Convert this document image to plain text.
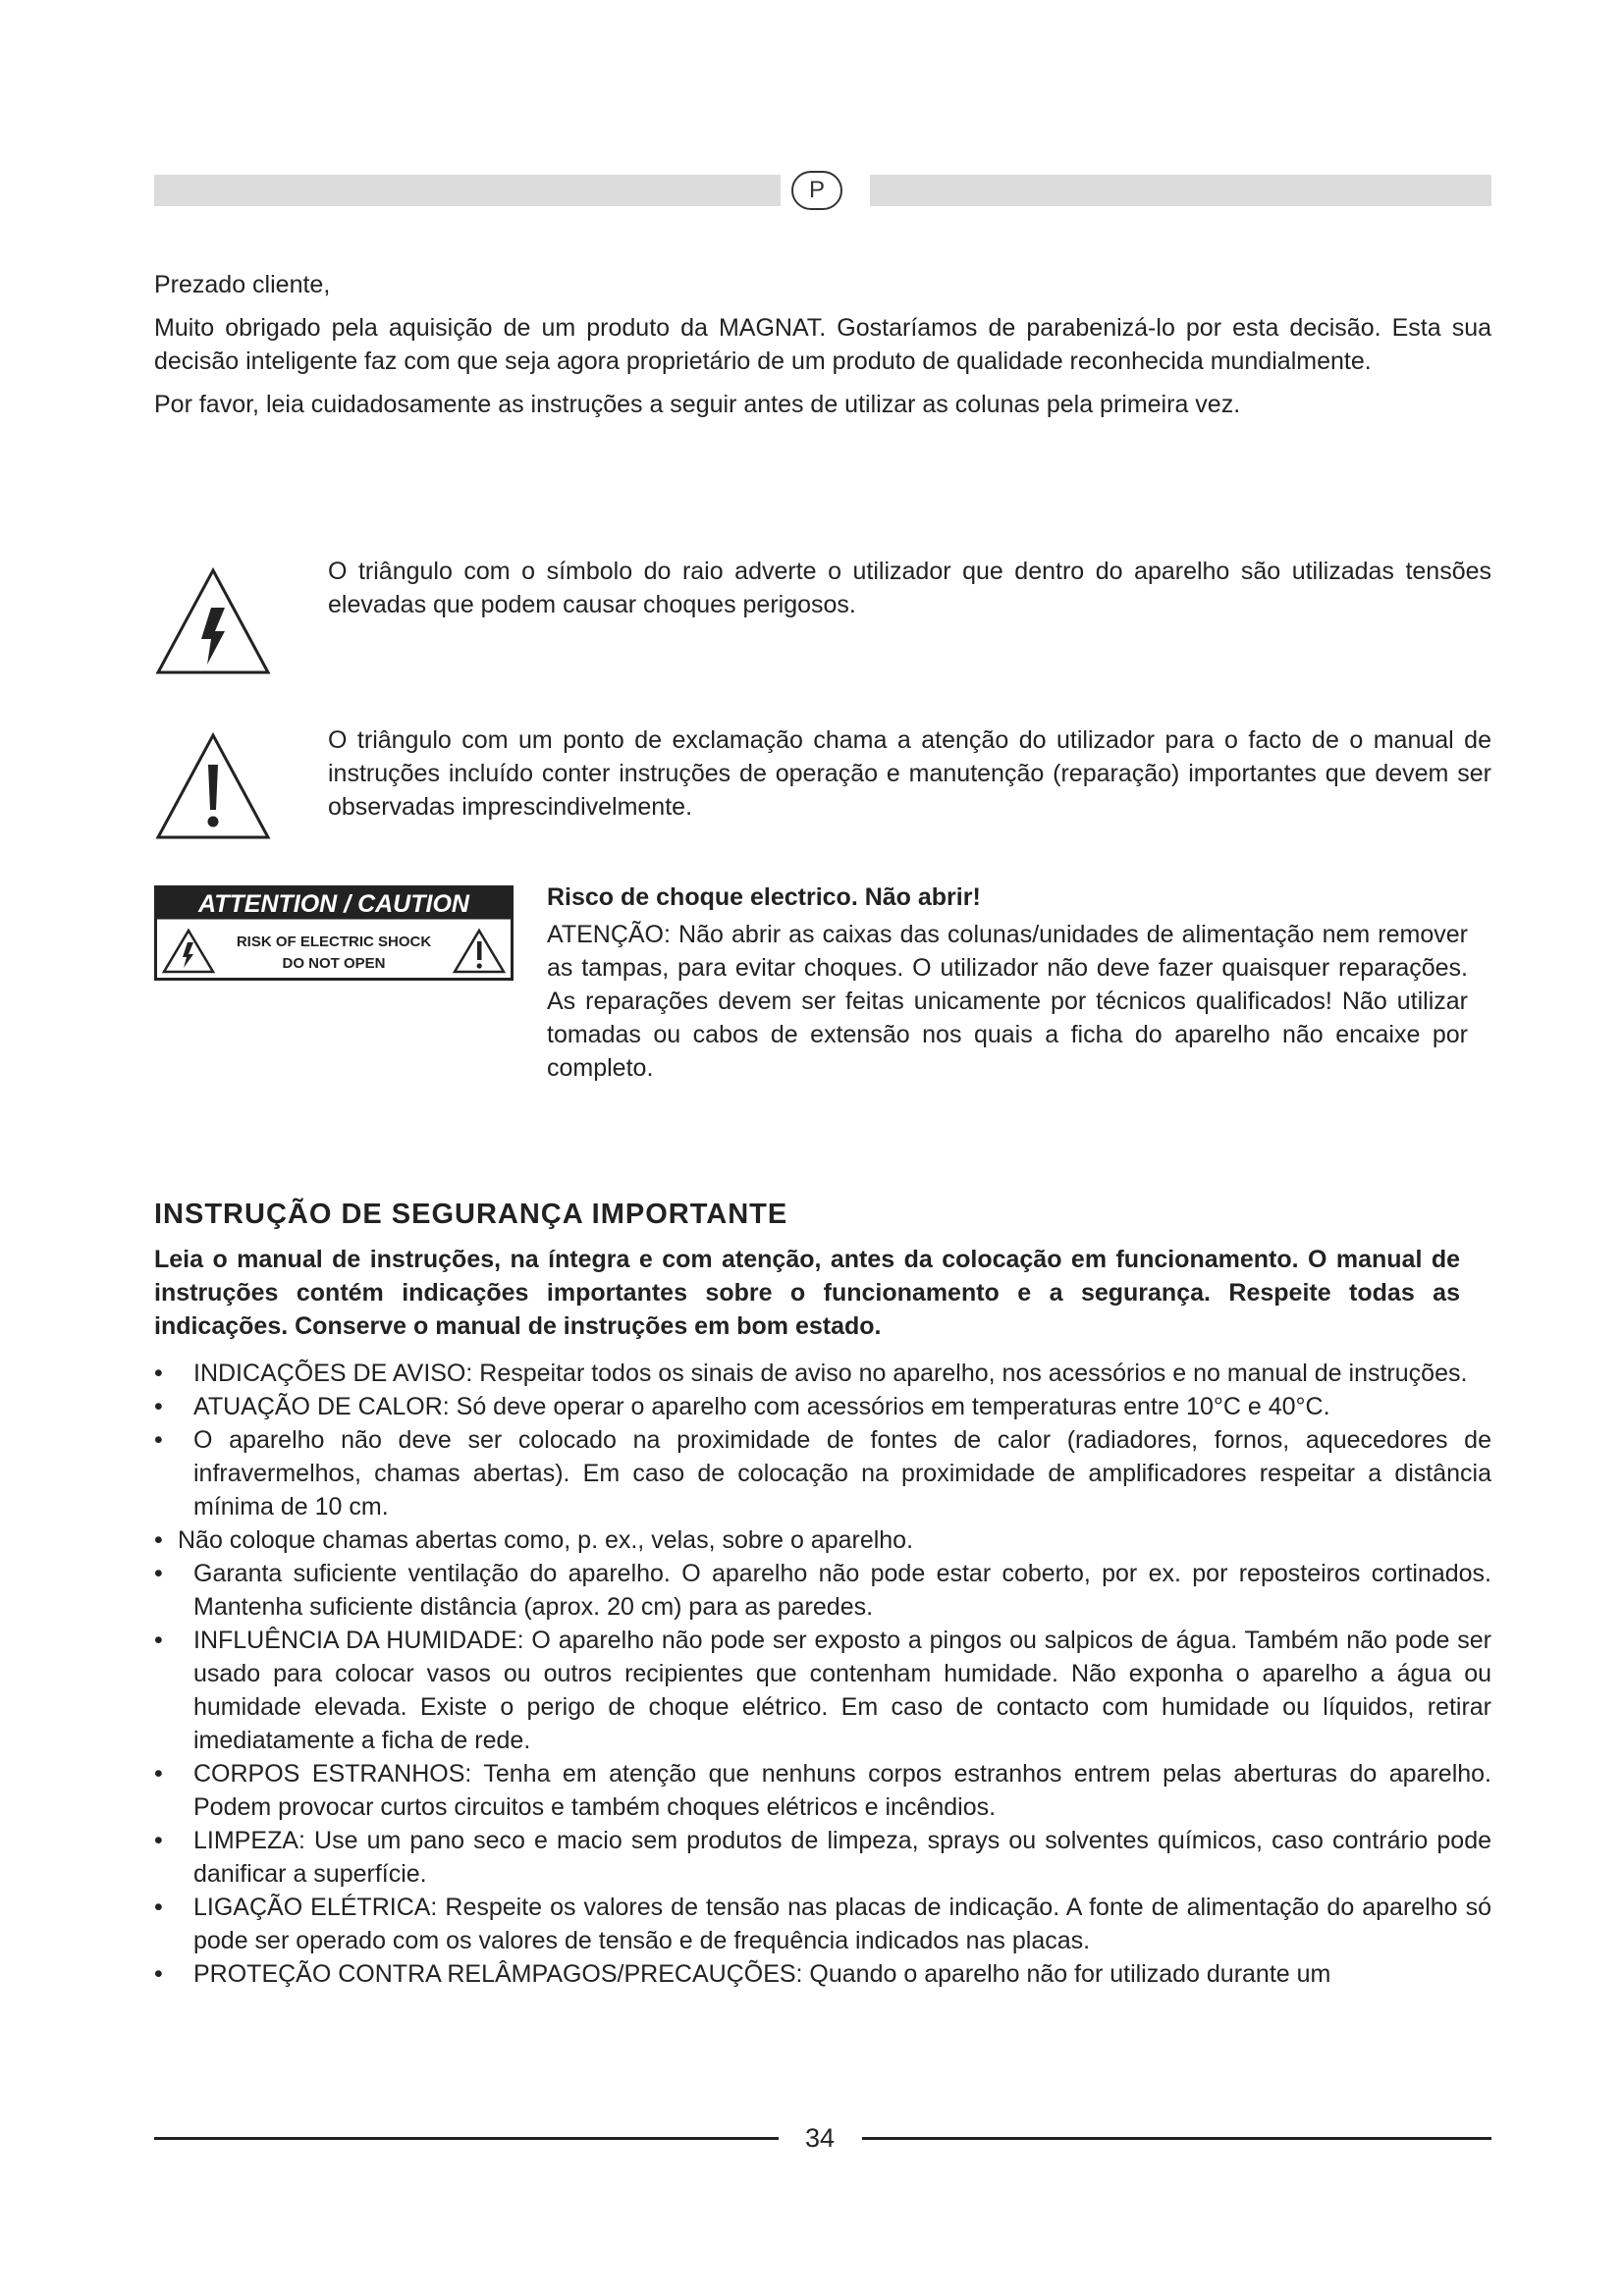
P

Prezado cliente,

Muito obrigado pela aquisição de um produto da MAGNAT. Gostaríamos de parabenizá-lo por esta decisão. Esta sua decisão inteligente faz com que seja agora proprietário de um produto de qualidade reconhecida mundialmente.

Por favor, leia cuidadosamente as instruções a seguir antes de utilizar as colunas pela primeira vez.

O triângulo com o símbolo do raio adverte o utilizador que dentro do aparelho são utilizadas tensões elevadas que podem causar choques perigosos.

O triângulo com um ponto de exclamação chama a atenção do utilizador para o facto de o manual de instruções incluído conter instruções de operação e manutenção (reparação) importantes que devem ser observadas imprescindivelmente.

ATTENTION / CAUTION
RISK OF ELECTRIC SHOCK
DO NOT OPEN

Risco de choque electrico. Não abrir!

ATENÇÃO: Não abrir as caixas das colunas/unidades de alimentação nem remover as tampas, para evitar choques. O utilizador não deve fazer quaisquer reparações. As reparações devem ser feitas unicamente por técnicos qualificados! Não utilizar tomadas ou cabos de extensão nos quais a ficha do aparelho não encaixe por completo.

INSTRUÇÃO DE SEGURANÇA IMPORTANTE

Leia o manual de instruções, na íntegra e com atenção, antes da colocação em funcionamento. O manual de instruções contém indicações importantes sobre o funcionamento e a segurança. Respeite todas as indicações. Conserve o manual de instruções em bom estado.

• INDICAÇÕES DE AVISO: Respeitar todos os sinais de aviso no aparelho, nos acessórios e no manual de instruções.
• ATUAÇÃO DE CALOR: Só deve operar o aparelho com acessórios em temperaturas entre 10°C e 40°C.
• O aparelho não deve ser colocado na proximidade de fontes de calor (radiadores, fornos, aquecedores de infravermelhos, chamas abertas). Em caso de colocação na proximidade de amplificadores respeitar a distância mínima de 10 cm.
• Não coloque chamas abertas como, p. ex., velas, sobre o aparelho.
• Garanta suficiente ventilação do aparelho. O aparelho não pode estar coberto, por ex. por reposteiros cortinados. Mantenha suficiente distância (aprox. 20 cm) para as paredes.
• INFLUÊNCIA DA HUMIDADE: O aparelho não pode ser exposto a pingos ou salpicos de água. Também não pode ser usado para colocar vasos ou outros recipientes que contenham humidade. Não exponha o aparelho a água ou humidade elevada. Existe o perigo de choque elétrico. Em caso de contacto com humidade ou líquidos, retirar imediatamente a ficha de rede.
• CORPOS ESTRANHOS: Tenha em atenção que nenhuns corpos estranhos entrem pelas aberturas do aparelho. Podem provocar curtos circuitos e também choques elétricos e incêndios.
• LIMPEZA: Use um pano seco e macio sem produtos de limpeza, sprays ou solventes químicos, caso contrário pode danificar a superfície.
• LIGAÇÃO ELÉTRICA: Respeite os valores de tensão nas placas de indicação. A fonte de alimentação do aparelho só pode ser operado com os valores de tensão e de frequência indicados nas placas.
• PROTEÇÃO CONTRA RELÂMPAGOS/PRECAUÇÕES: Quando o aparelho não for utilizado durante um
34
